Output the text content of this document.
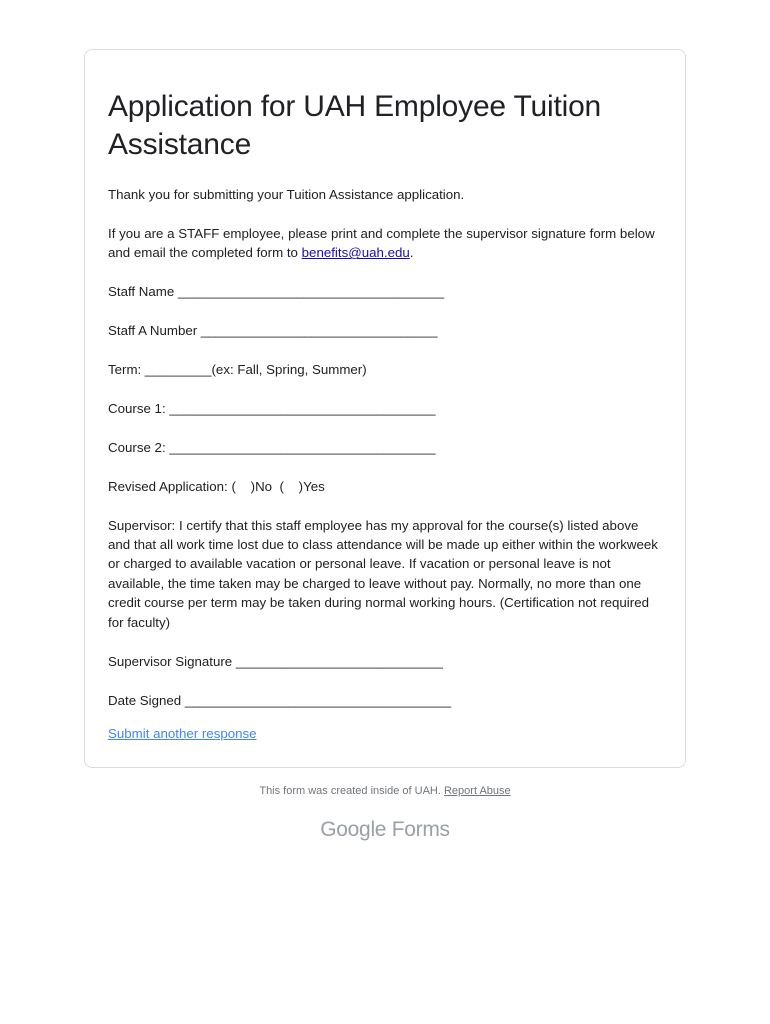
Application for UAH Employee Tuition Assistance
Thank you for submitting your Tuition Assistance application.
If you are a STAFF employee, please print and complete the supervisor signature form below and email the completed form to benefits@uah.edu.
Staff Name ____________________________________
Staff A Number ________________________________
Term: _________(ex: Fall, Spring, Summer)
Course 1: ____________________________________
Course 2: ____________________________________
Revised Application: (    )No  (    )Yes
Supervisor: I certify that this staff employee has my approval for the course(s) listed above and that all work time lost due to class attendance will be made up either within the workweek or charged to available vacation or personal leave. If vacation or personal leave is not available, the time taken may be charged to leave without pay. Normally, no more than one credit course per term may be taken during normal working hours. (Certification not required for faculty)
Supervisor Signature ____________________________
Date Signed ____________________________________
Submit another response
This form was created inside of UAH. Report Abuse
Google Forms
